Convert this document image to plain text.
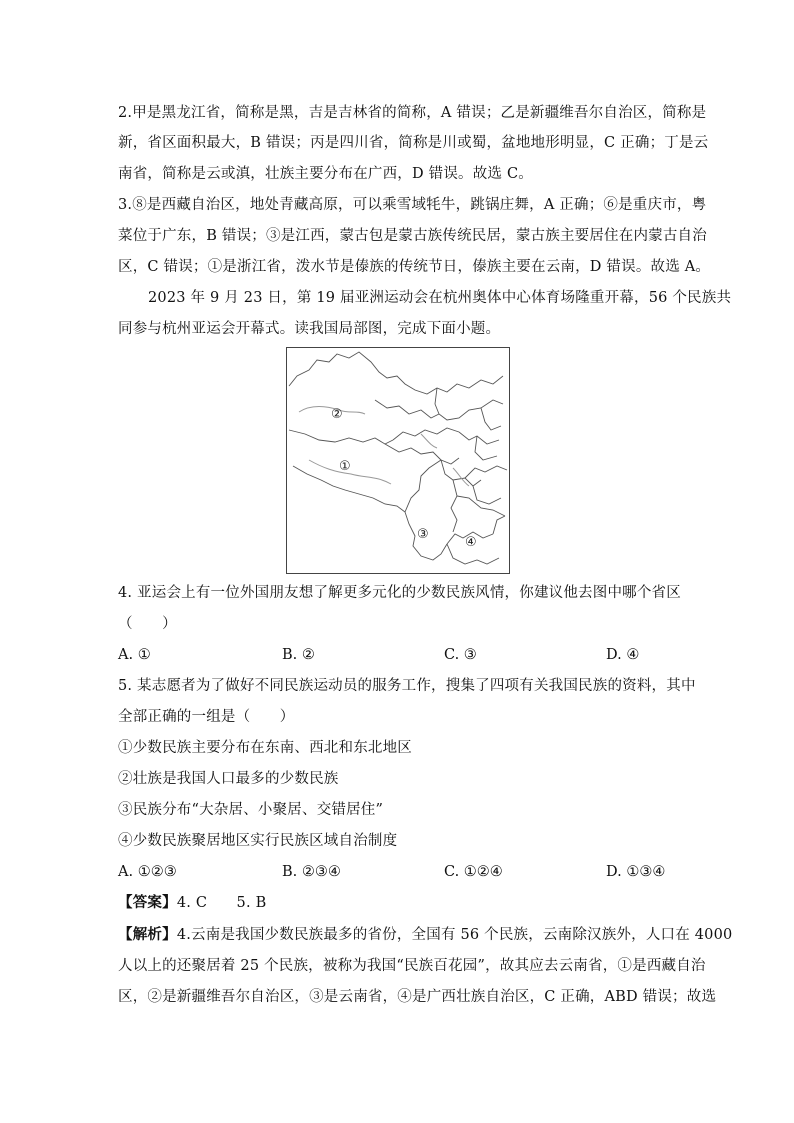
2.甲是黑龙江省，简称是黑，吉是吉林省的简称，A 错误；乙是新疆维吾尔自治区，简称是
新，省区面积最大，B 错误；丙是四川省，简称是川或蜀，盆地地形明显，C 正确；丁是云
南省，简称是云或滇，壮族主要分布在广西，D 错误。故选 C。
3.⑧是西藏自治区，地处青藏高原，可以乘雪域牦牛，跳锅庄舞，A 正确；⑥是重庆市，粤
菜位于广东，B 错误；③是江西，蒙古包是蒙古族传统民居，蒙古族主要居住在内蒙古自治
区，C 错误；①是浙江省，泼水节是傣族的传统节日，傣族主要在云南，D 错误。故选 A。
2023 年 9 月 23 日，第 19 届亚洲运动会在杭州奥体中心体育场隆重开幕，56 个民族共
同参与杭州亚运会开幕式。读我国局部图，完成下面小题。
②
①
③
④
4. 亚运会上有一位外国朋友想了解更多元化的少数民族风情，你建议他去图中哪个省区
（　　）
A. ①	B. ②	C. ③	D. ④
5. 某志愿者为了做好不同民族运动员的服务工作，搜集了四项有关我国民族的资料，其中
全部正确的一组是（　　）
①少数民族主要分布在东南、西北和东北地区
②壮族是我国人口最多的少数民族
③民族分布“大杂居、小聚居、交错居住”
④少数民族聚居地区实行民族区域自治制度
A. ①②③	B. ②③④	C. ①②④	D. ①③④
【答案】4. C　　5. B
【解析】4.云南是我国少数民族最多的省份，全国有 56 个民族，云南除汉族外，人口在 4000
人以上的还聚居着 25 个民族，被称为我国“民族百花园”，故其应去云南省，①是西藏自治
区，②是新疆维吾尔自治区，③是云南省，④是广西壮族自治区，C 正确，ABD 错误；故选
